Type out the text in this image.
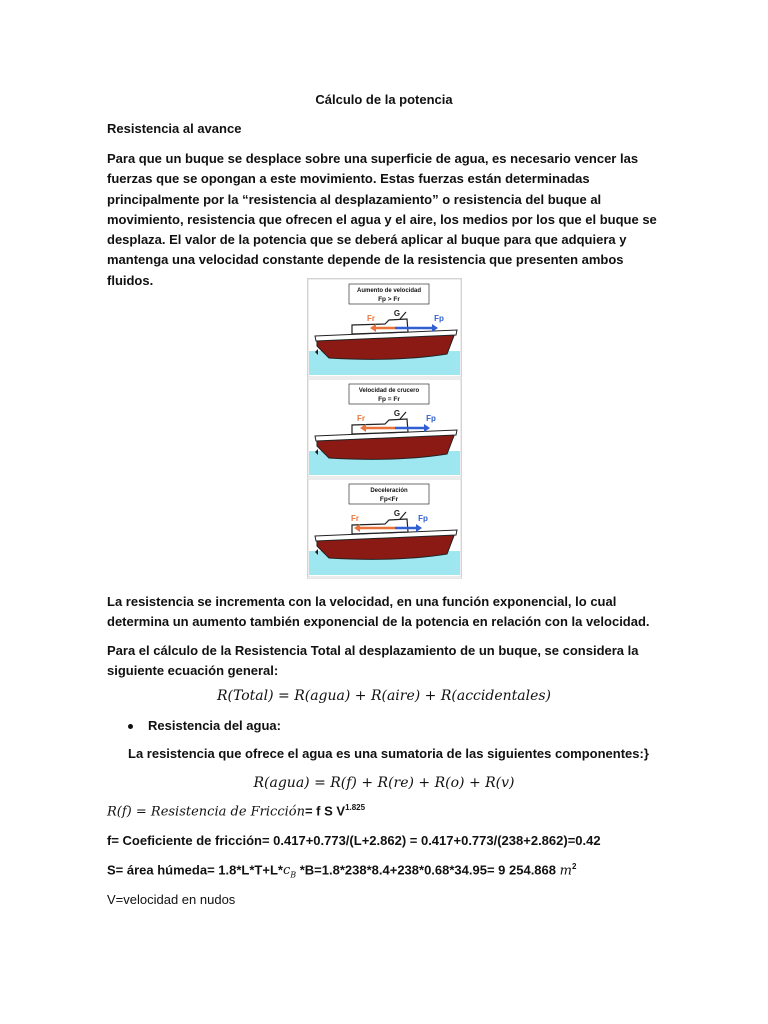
Cálculo de la potencia
Resistencia al avance
Para que un buque se desplace sobre una superficie de agua, es necesario vencer las fuerzas que se opongan a este movimiento. Estas fuerzas están determinadas principalmente por la “resistencia al desplazamiento” o resistencia del buque al movimiento, resistencia que ofrecen el agua y el aire, los medios por los que el buque se desplaza. El valor de la potencia que se deberá aplicar al buque para que adquiera y mantenga una velocidad constante depende de la resistencia que presenten ambos fluidos.
Aumento de velocidad
Fp > Fr
G
Fr	Fp
Velocidad de crucero
Fp = Fr
G
Fr	Fp
Deceleración
Fp<Fr
G
Fr	Fp
La resistencia se incrementa con la velocidad, en una función exponencial, lo cual determina un aumento también exponencial de la potencia en relación con la velocidad.
Para el cálculo de la Resistencia Total al desplazamiento de un buque, se considera la siguiente ecuación general:
R(Total) = R(agua) + R(aire) + R(accidentales)
Resistencia del agua:
La resistencia que ofrece el agua es una sumatoria de las siguientes componentes:}
R(agua) = R(f) + R(re) + R(o) + R(v)
R(f) = Resistencia de Fricción= f S $V^{1.825}$
f= Coeficiente de fricción= 0.417+0.773/(L+2.862) = 0.417+0.773/(238+2.862)=0.42
S= área húmeda= $1.8*L*T+L*c_B$ *B=1.8*238*8.4+238*0.68*34.95= 9 254.868 $m^2$
V=velocidad en nudos
